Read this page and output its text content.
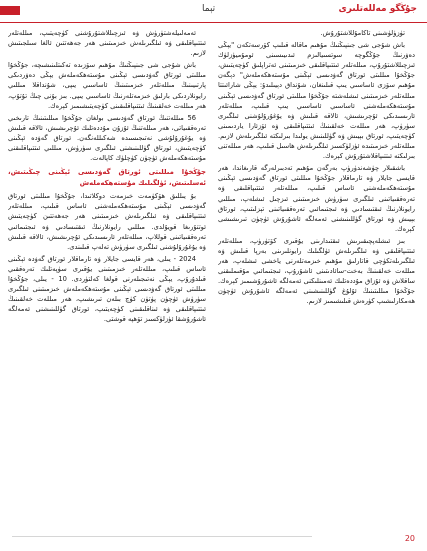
تېما	جۇڭگو مەللەتلىرى

تۈزۈلۈشىنى تاكامۇللاشتۇرۇش.

باش شۇجى شى جىنپىڭنىڭ مۇھىم ماقالە قىلىپ كۆرسەتكەن "يېڭى دەۋرنىڭ جۇڭگوچە سوتسىيالىزم ئىدىيىسىنى ئومۇميۈزلۈك ئىزچىللاشتۇرۇپ، مىللەتلەر ئىتتىپاقلىقى خىزمىتىنى ئەتراپلىق كۈچەيتىش، جۇڭخۇا مىللىتى ئورتاق گەۋدىسى ئېڭىنى مۇستەھكەملەش" دېگەن مۇھىم سۆزى ئاساسىي يىپ قىلىنغان، شۇنداق دېيىلىدۇ: يېڭى شارائىتتا مىللەتلەر خىزمىتىنى ئىشلەشتە جۇڭخۇا مىللىتى ئورتاق گەۋدىسى ئېڭىنى مۇستەھكەملەشنى ئاساسىي ئاساسىي يىپ قىلىپ، مىللەتلەر ئارىسىدىكى ئۇچرىشىش، ئالاقە قىلىش ۋە يۇغۇرۇلۇشنى ئىلگىرى سۈرۈپ، ھەر مىللەت خەلقىنىڭ ئىتتىپاقلىقى ۋە ئۆزئارا ياردىمىنى كۈچەيتىپ، ئورتاق بېيىش ۋە گۈللىنىش يولىدا بىرلىكتە ئىلگىرىلەش لازىم. مىللەتلەر خىزمىتىدە ئۈزلۈكسىز ئىلگىرىلەش ھاسىل قىلىپ، ھەر مىللەتنى بىرلىكتە ئىتتىپاقلاشتۇرۇش كېرەك.

باشقىلار چۈشەندۈرۈپ بەرگەن مۇھىم تەدبىرلەرگە قارىغاندا، ھەر قايسى جايلار ۋە تارماقلار جۇڭخۇا مىللىتى ئورتاق گەۋدىسى ئېڭىنى مۇستەھكەملەشنى ئاساس قىلىپ، مىللەتلەر ئىتتىپاقلىقى ۋە تەرەققىياتىنى ئىلگىرى سۈرۈش خىزمىتىنى ئىزچىل ئىشلەپ، مىللىي رايونلارنىڭ ئىقتىسادىي ۋە ئىجتىمائىي تەرەققىياتىنى تېزلىتىپ، ئورتاق بېيىش ۋە ئورتاق گۈللىنىشنى ئەمەلگە ئاشۇرۇش ئۈچۈن تىرىشىشى كېرەك.

بىز ئىشلەپچىقىرىش ئىقتىدارىنى يۇقىرى كۆتۈرۈپ، مىللەتلەر ئىتتىپاقلىقى ۋە ئىلگىرىلەش ئۈلگىلىك رايونلىرىنى بەرپا قىلىش ۋە ئىلگىرىلەتكۈچى قاتارلىق مۇھىم خىزمەتلەرنى ياخشى ئىشلەپ، ھەر مىللەت خەلقىنىڭ بەخت-سائادىتىنى ئاشۇرۇپ، ئىجتىمائىي مۇقىملىقنى ساقلاش ۋە ئۇزاق مۇددەتلىك ئەمىنلىكنى ئەمەلگە ئاشۇرۇشىمىز كېرەك. جۇڭخۇا مىللىتىنىڭ ئۇلۇغ گۈللىنىشىنى ئەمەلگە ئاشۇرۇش ئۈچۈن ھەمكارلىشىپ كۈرەش قىلىشىمىز لازىم.

ئەمەلىيلەشتۈرۈش ۋە ئىزچىللاشتۇرۇشنى كۈچەيتىپ، مىللەتلەر ئىتتىپاقلىقى ۋە ئىلگىرىلەش خىزمىتىنى ھەر جەھەتتىن ئالغا سىلجىتىش لازىم.

باش شۇجى شى جىنپىڭنىڭ مۇھىم سۆزىدە تەكىتلىنىشىچە، جۇڭخۇا مىللىتى ئورتاق گەۋدىسى ئېڭىنى مۇستەھكەملەش يېڭى دەۋردىكى پارتىيىنىڭ مىللەتلەر خىزمىتىنىڭ ئاساسىي يىپى، شۇنداقلا مىللىي رايونلاردىكى بارلىق خىزمەتلەرنىڭ ئاساسىي يىپى. بىز بۇنى چىڭ تۇتۇپ، ھەر مىللەت خەلقىنىڭ ئىتتىپاقلىقىنى كۈچەيتىشىمىز كېرەك.

56 مىللەتنىڭ ئورتاق گەۋدىسى بولغان جۇڭخۇا مىللىتىنىڭ تارىخىي تەرەققىياتى، ھەر مىللەتنىڭ ئۇزۇن مۇددەتلىك ئۇچرىشىش، ئالاقە قىلىش ۋە يۇغۇرۇلۇشى نەتىجىسىدە شەكىللەنگەن. ئورتاق گەۋدە ئېڭىنى كۈچەيتىش، ئورتاق گۈللىنىشنى ئىلگىرى سۈرۈش، مىللىي ئىتتىپاقلىقنى مۇستەھكەملەش ئۈچۈن كۈچلۈك كاپالەت.

جۇڭخۇا مىللىتى ئورتاق گەۋدىسى ئېڭىنى چىڭىتىش، ئەسلىتىش، ئۈلگىلىك مۇستەھكەملەش

بۇ يىللىق ھۆكۈمەت خىزمەت دوكلاتىدا، جۇڭخۇا مىللىتى ئورتاق گەۋدىسى ئېڭىنى مۇستەھكەملەشنى ئاساس قىلىپ، مىللەتلەر ئىتتىپاقلىقى ۋە ئىلگىرىلەش خىزمىتىنى ھەر جەھەتتىن كۈچەيتىش ئوتتۇرىغا قويۇلدى. مىللىي رايونلارنىڭ ئىقتىسادىي ۋە ئىجتىمائىي تەرەققىياتىنى قوللاپ، مىللەتلەر ئارىسىدىكى ئۇچرىشىش، ئالاقە قىلىش ۋە يۇغۇرۇلۇشنى ئىلگىرى سۈرۈش تەلەپ قىلىندى.

2024 - يىلى، ھەر قايسى جايلار ۋە تارماقلار ئورتاق گەۋدە ئېڭىنى ئاساس قىلىپ، مىللەتلەر خىزمىتىنى يۇقىرى سۈپەتلىك تەرەققىي قىلدۇرۇپ، يېڭى نەتىجىلەرنى قولغا كەلتۈردى. 10 - يىلى، جۇڭخۇا مىللىتى ئورتاق گەۋدىسى ئېڭىنى مۇستەھكەملەش خىزمىتىنى ئىلگىرى سۈرۈش ئۈچۈن پۈتۈن كۈچ بىلەن تىرىشىپ، ھەر مىللەت خەلقىنىڭ ئىتتىپاقلىقى ۋە ئىناقلىقىنى كۈچەيتىپ، ئورتاق گۈللىنىشنى ئەمەلگە ئاشۇرۇشقا ئۈزلۈكسىز تۆھپە قوشتى.

20
